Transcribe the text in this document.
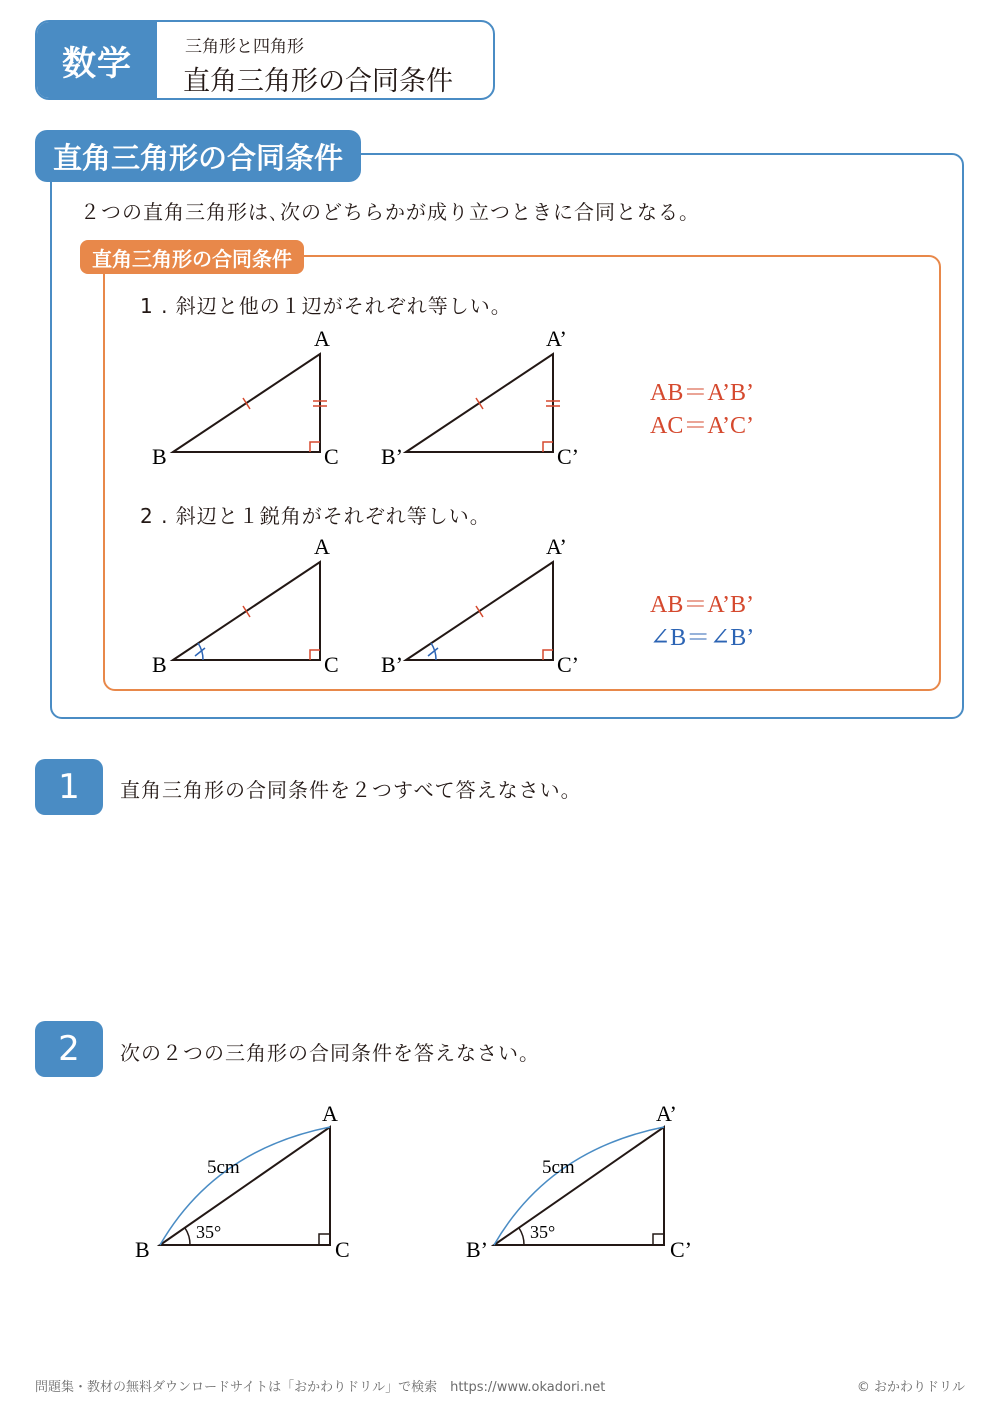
数学	三角形と四角形
直角三角形の合同条件
直角三角形の合同条件
２つの直角三角形は､次のどちらかが成り立つときに合同となる。
直角三角形の合同条件
1 . 斜辺と他の１辺がそれぞれ等しい。
2 . 斜辺と１鋭角がそれぞれ等しい。
A
B	C
A’
B’	C’
A
B	C
A’
B’	C’
AB＝A’B’
AC＝A’C’
AB＝A’B’
∠B＝∠B’
1	直角三角形の合同条件を２つすべて答えなさい。
2	次の２つの三角形の合同条件を答えなさい。
5cm
35°
A
B	C
5cm
35°
A’
B’	C’
問題集・教材の無料ダウンロードサイトは「おかわりドリル」で検索　https://www.okadori.net	© おかわりドリル
